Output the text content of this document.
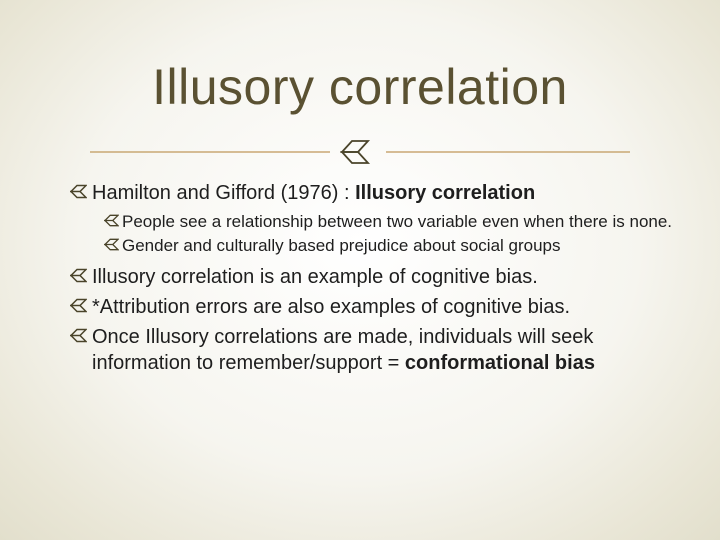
Illusory correlation
Hamilton and Gifford (1976) : Illusory correlation
People see a relationship between two variable even when there is none.
Gender and culturally based prejudice about social groups
Illusory correlation is an example of cognitive bias.
*Attribution errors are also examples of cognitive bias.
Once Illusory correlations are made, individuals will seek information to remember/support = conformational bias
